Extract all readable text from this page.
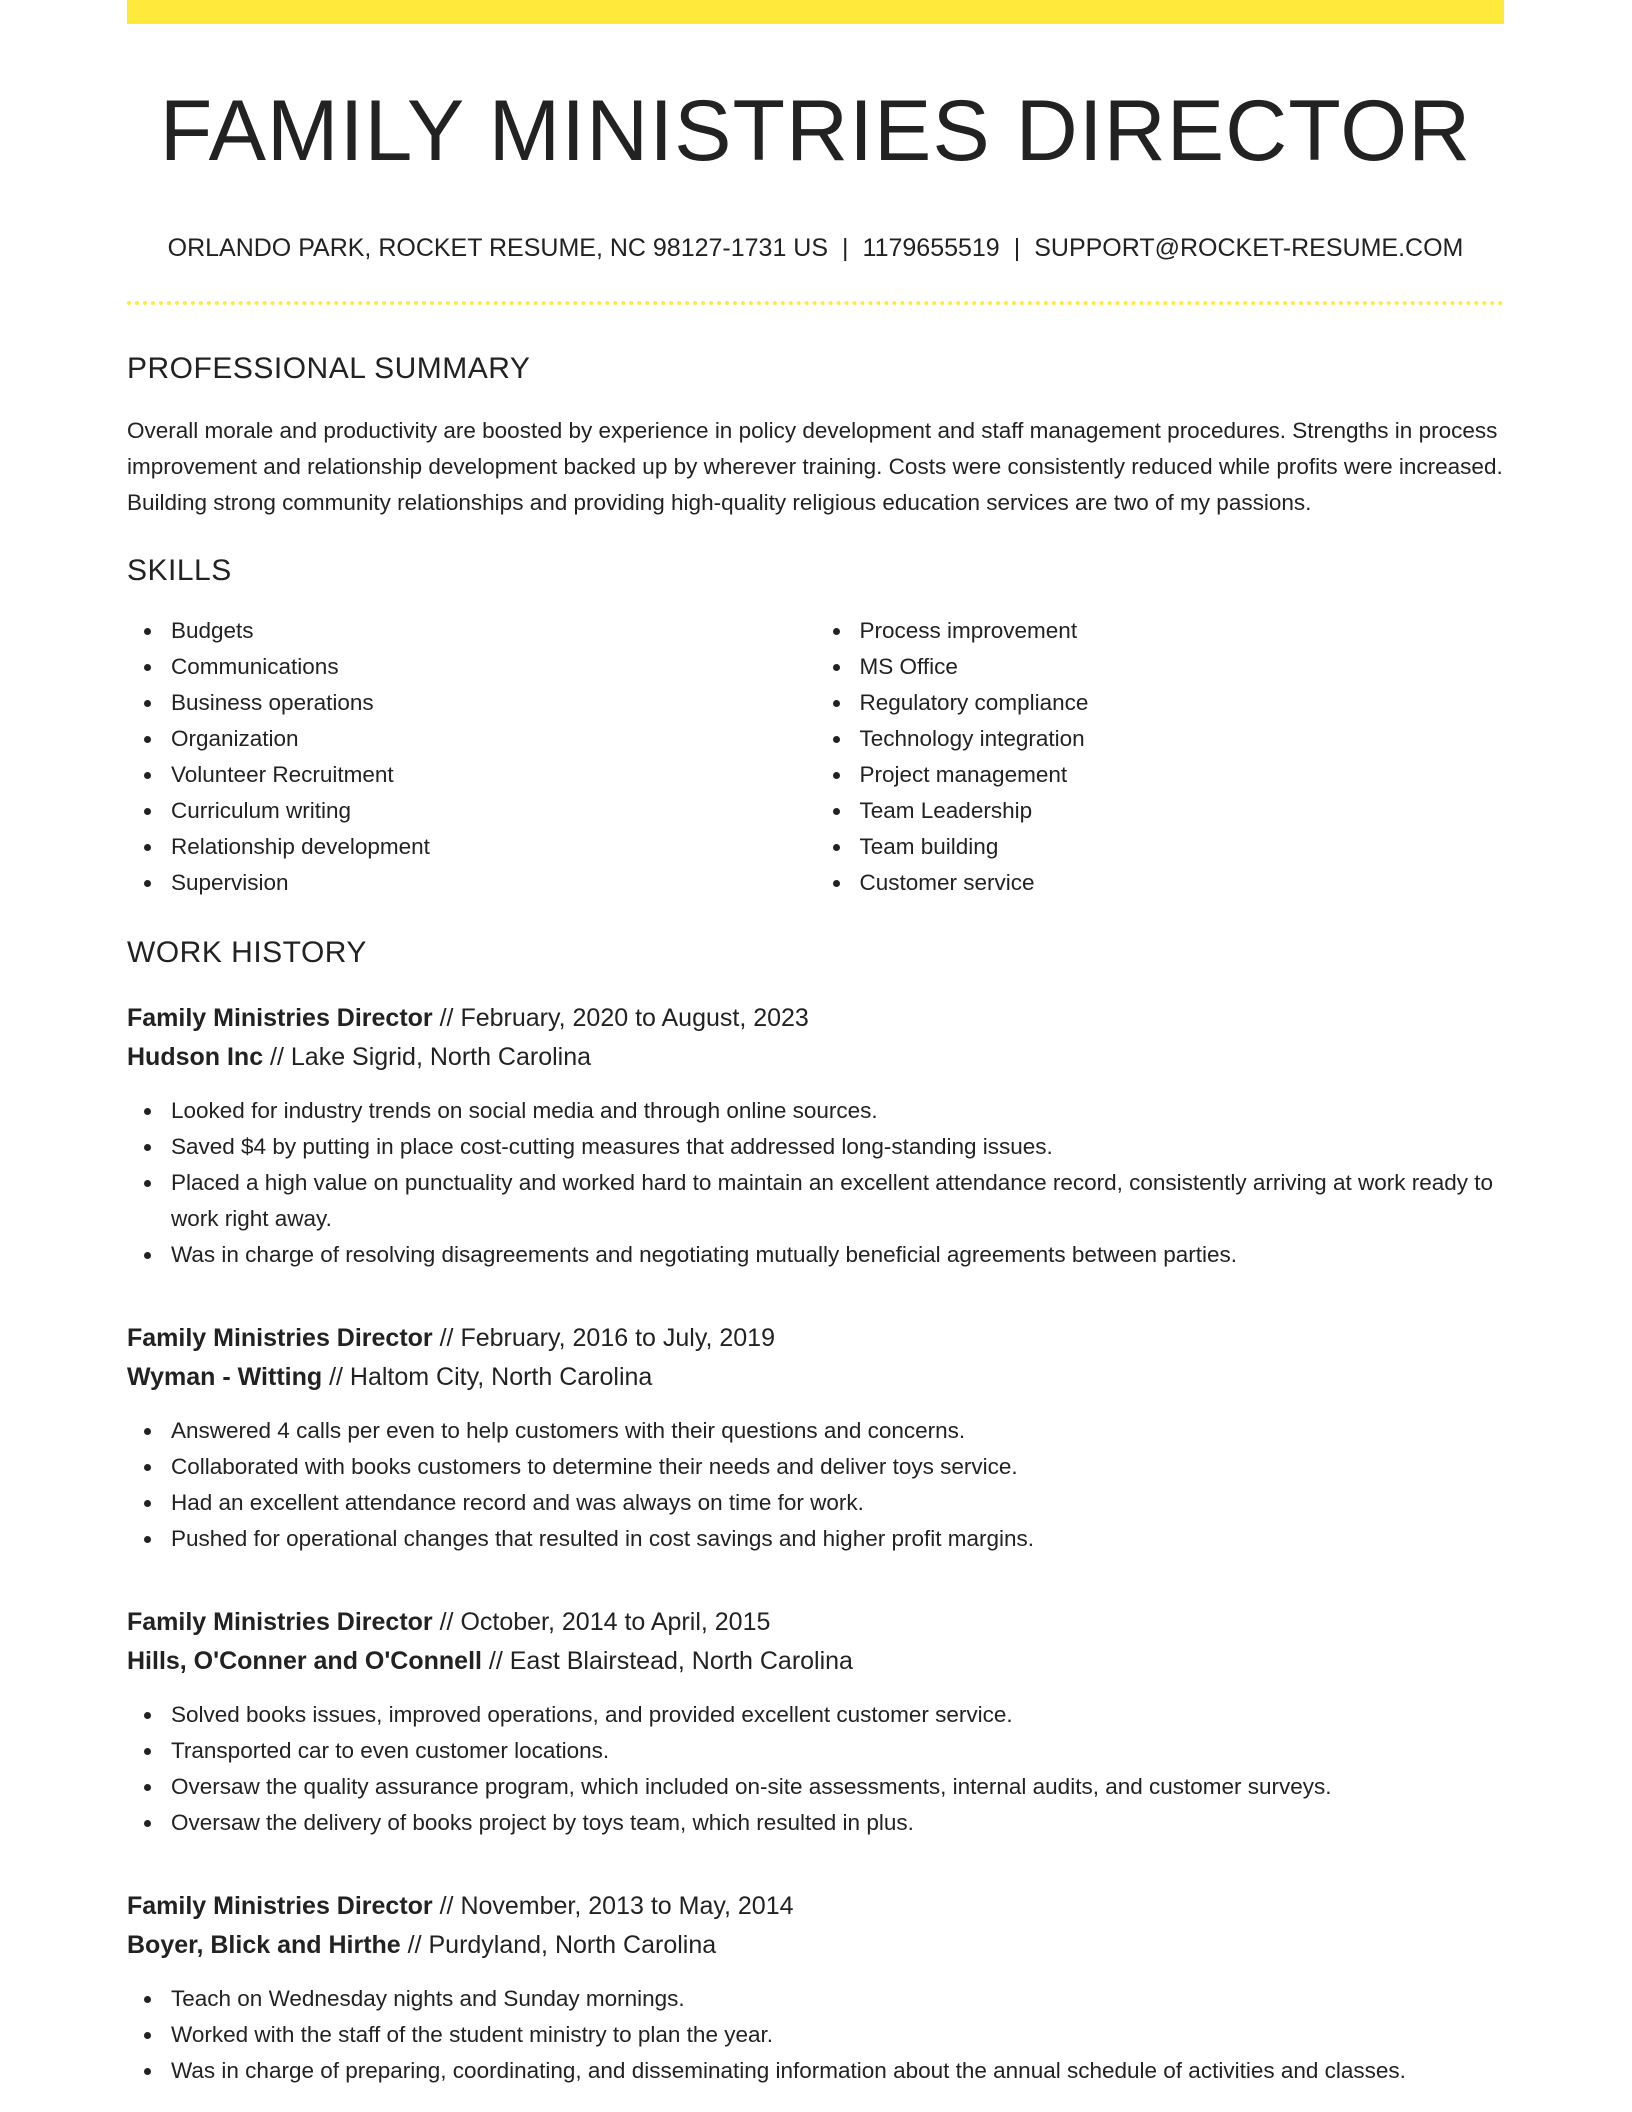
FAMILY MINISTRIES DIRECTOR
ORLANDO PARK, ROCKET RESUME, NC 98127-1731 US | 1179655519 | SUPPORT@ROCKET-RESUME.COM
PROFESSIONAL SUMMARY

Overall morale and productivity are boosted by experience in policy development and staff management procedures. Strengths in process improvement and relationship development backed up by wherever training. Costs were consistently reduced while profits were increased. Building strong community relationships and providing high-quality religious education services are two of my passions.

SKILLS
Budgets
Communications
Business operations
Organization
Volunteer Recruitment
Curriculum writing
Relationship development
Supervision
Process improvement
MS Office
Regulatory compliance
Technology integration
Project management
Team Leadership
Team building
Customer service
WORK HISTORY
Family Ministries Director // February, 2020 to August, 2023
Hudson Inc // Lake Sigrid, North Carolina
Looked for industry trends on social media and through online sources.
Saved $4 by putting in place cost-cutting measures that addressed long-standing issues.
Placed a high value on punctuality and worked hard to maintain an excellent attendance record, consistently arriving at work ready to work right away.
Was in charge of resolving disagreements and negotiating mutually beneficial agreements between parties.
Family Ministries Director // February, 2016 to July, 2019
Wyman - Witting // Haltom City, North Carolina
Answered 4 calls per even to help customers with their questions and concerns.
Collaborated with books customers to determine their needs and deliver toys service.
Had an excellent attendance record and was always on time for work.
Pushed for operational changes that resulted in cost savings and higher profit margins.
Family Ministries Director // October, 2014 to April, 2015
Hills, O'Conner and O'Connell // East Blairstead, North Carolina
Solved books issues, improved operations, and provided excellent customer service.
Transported car to even customer locations.
Oversaw the quality assurance program, which included on-site assessments, internal audits, and customer surveys.
Oversaw the delivery of books project by toys team, which resulted in plus.
Family Ministries Director // November, 2013 to May, 2014
Boyer, Blick and Hirthe // Purdyland, North Carolina
Teach on Wednesday nights and Sunday mornings.
Worked with the staff of the student ministry to plan the year.
Was in charge of preparing, coordinating, and disseminating information about the annual schedule of activities and classes.
